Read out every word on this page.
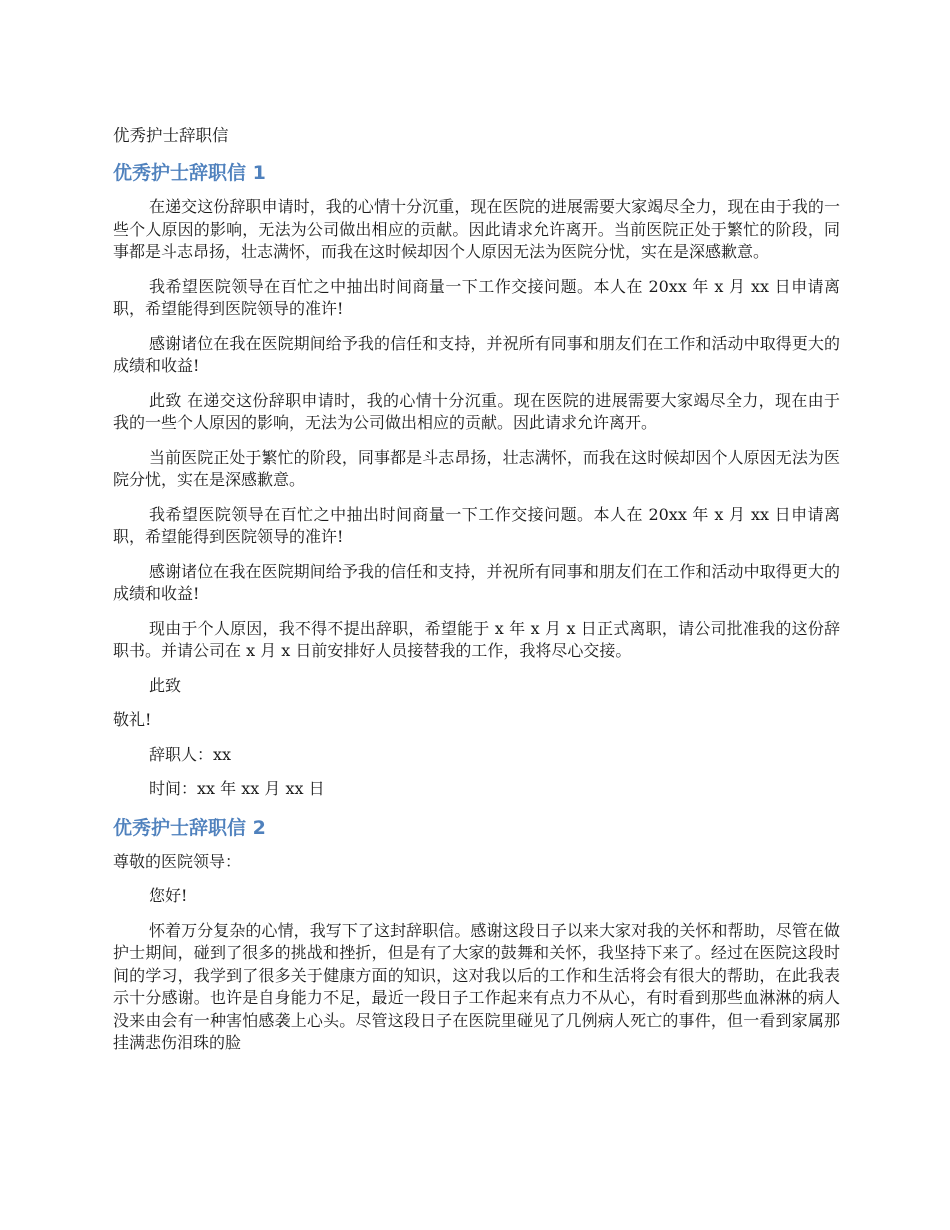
优秀护士辞职信
优秀护士辞职信 1

在递交这份辞职申请时，我的心情十分沉重，现在医院的进展需要大家竭尽全力，现在由于我的一些个人原因的影响，无法为公司做出相应的贡献。因此请求允许离开。当前医院正处于繁忙的阶段，同事都是斗志昂扬，壮志满怀，而我在这时候却因个人原因无法为医院分忧，实在是深感歉意。

我希望医院领导在百忙之中抽出时间商量一下工作交接问题。本人在 20xx 年 x 月 xx 日申请离职，希望能得到医院领导的准许!

感谢诸位在我在医院期间给予我的信任和支持，并祝所有同事和朋友们在工作和活动中取得更大的成绩和收益!

此致 在递交这份辞职申请时，我的心情十分沉重。现在医院的进展需要大家竭尽全力，现在由于我的一些个人原因的影响，无法为公司做出相应的贡献。因此请求允许离开。

当前医院正处于繁忙的阶段，同事都是斗志昂扬，壮志满怀，而我在这时候却因个人原因无法为医院分忧，实在是深感歉意。

我希望医院领导在百忙之中抽出时间商量一下工作交接问题。本人在 20xx 年 x 月 xx 日申请离职，希望能得到医院领导的准许!

感谢诸位在我在医院期间给予我的信任和支持，并祝所有同事和朋友们在工作和活动中取得更大的成绩和收益!

现由于个人原因，我不得不提出辞职，希望能于 x 年 x 月 x 日正式离职，请公司批准我的这份辞职书。并请公司在 x 月 x 日前安排好人员接替我的工作，我将尽心交接。

此致

敬礼!

辞职人：xx

时间：xx 年 xx 月 xx 日

优秀护士辞职信 2

尊敬的医院领导：

您好!

怀着万分复杂的心情，我写下了这封辞职信。感谢这段日子以来大家对我的关怀和帮助，尽管在做护士期间，碰到了很多的挑战和挫折，但是有了大家的鼓舞和关怀，我坚持下来了。经过在医院这段时间的学习，我学到了很多关于健康方面的知识，这对我以后的工作和生活将会有很大的帮助，在此我表示十分感谢。也许是自身能力不足，最近一段日子工作起来有点力不从心，有时看到那些血淋淋的病人没来由会有一种害怕感袭上心头。尽管这段日子在医院里碰见了几例病人死亡的事件，但一看到家属那挂满悲伤泪珠的脸
